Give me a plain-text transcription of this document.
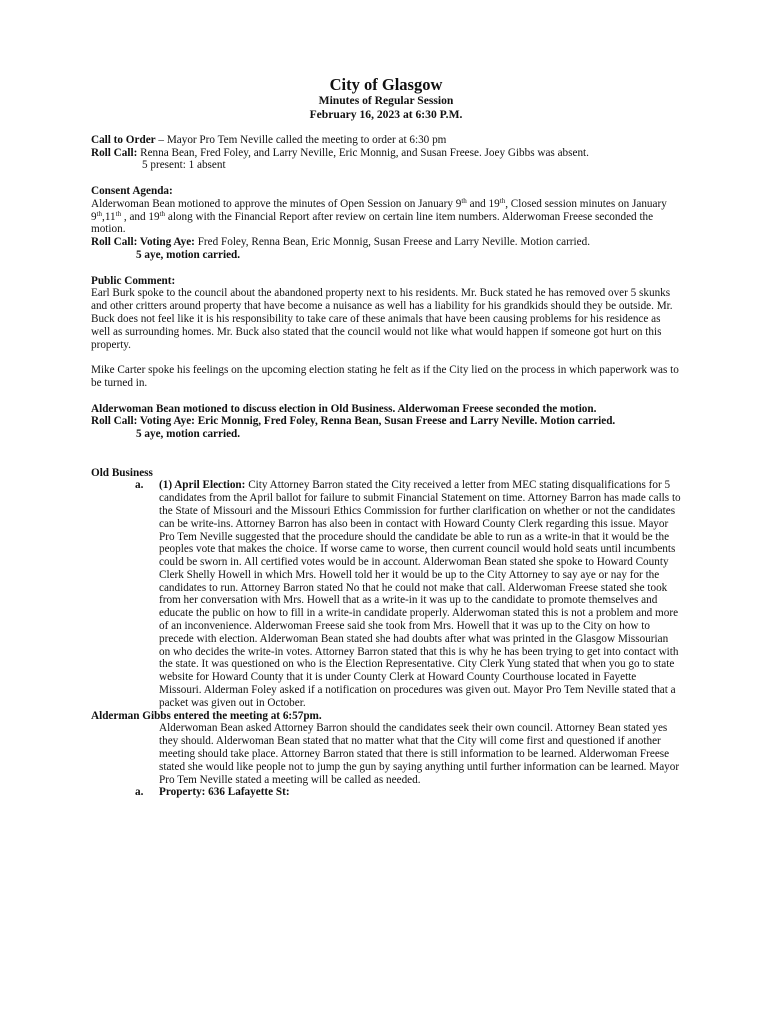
City of Glasgow

Minutes of Regular Session

February 16, 2023 at 6:30 P.M.

Call to Order – Mayor Pro Tem Neville called the meeting to order at 6:30 pm

Roll Call: Renna Bean, Fred Foley, and Larry Neville, Eric Monnig, and Susan Freese. Joey Gibbs was absent.

5 present: 1 absent

Consent Agenda:

Alderwoman Bean motioned to approve the minutes of Open Session on January 9th and 19th, Closed session minutes on January 9th,11th , and 19th along with the Financial Report after review on certain line item numbers. Alderwoman Freese seconded the motion.

Roll Call: Voting Aye: Fred Foley, Renna Bean, Eric Monnig, Susan Freese and Larry Neville. Motion carried.

5 aye, motion carried.

Public Comment:

Earl Burk spoke to the council about the abandoned property next to his residents. Mr. Buck stated he has removed over 5 skunks and other critters around property that have become a nuisance as well has a liability for his grandkids should they be outside. Mr. Buck does not feel like it is his responsibility to take care of these animals that have been causing problems for his residence as well as surrounding homes. Mr. Buck also stated that the council would not like what would happen if someone got hurt on this property.

Mike Carter spoke his feelings on the upcoming election stating he felt as if the City lied on the process in which paperwork was to be turned in.

Alderwoman Bean motioned to discuss election in Old Business. Alderwoman Freese seconded the motion.

Roll Call: Voting Aye: Eric Monnig, Fred Foley, Renna Bean, Susan Freese and Larry Neville. Motion carried.

5 aye, motion carried.

Old Business

a. (1) April Election: City Attorney Barron stated the City received a letter from MEC stating disqualifications for 5 candidates from the April ballot for failure to submit Financial Statement on time. Attorney Barron has made calls to the State of Missouri and the Missouri Ethics Commission for further clarification on whether or not the candidates can be write-ins. Attorney Barron has also been in contact with Howard County Clerk regarding this issue. Mayor Pro Tem Neville suggested that the procedure should the candidate be able to run as a write-in that it would be the peoples vote that makes the choice. If worse came to worse, then current council would hold seats until incumbents could be sworn in. All certified votes would be in account. Alderwoman Bean stated she spoke to Howard County Clerk Shelly Howell in which Mrs. Howell told her it would be up to the City Attorney to say aye or nay for the candidates to run. Attorney Barron stated No that he could not make that call. Alderwoman Freese stated she took from her conversation with Mrs. Howell that as a write-in it was up to the candidate to promote themselves and educate the public on how to fill in a write-in candidate properly. Alderwoman stated this is not a problem and more of an inconvenience. Alderwoman Freese said she took from Mrs. Howell that it was up to the City on how to precede with election. Alderwoman Bean stated she had doubts after what was printed in the Glasgow Missourian on who decides the write-in votes. Attorney Barron stated that this is why he has been trying to get into contact with the state. It was questioned on who is the Election Representative. City Clerk Yung stated that when you go to state website for Howard County that it is under County Clerk at Howard County Courthouse located in Fayette Missouri. Alderman Foley asked if a notification on procedures was given out. Mayor Pro Tem Neville stated that a packet was given out in October.

Alderman Gibbs entered the meeting at 6:57pm.

Alderwoman Bean asked Attorney Barron should the candidates seek their own council. Attorney Bean stated yes they should. Alderwoman Bean stated that no matter what that the City will come first and questioned if another meeting should take place. Attorney Barron stated that there is still information to be learned. Alderwoman Freese stated she would like people not to jump the gun by saying anything until further information can be learned. Mayor Pro Tem Neville stated a meeting will be called as needed.

a. Property: 636 Lafayette St:
